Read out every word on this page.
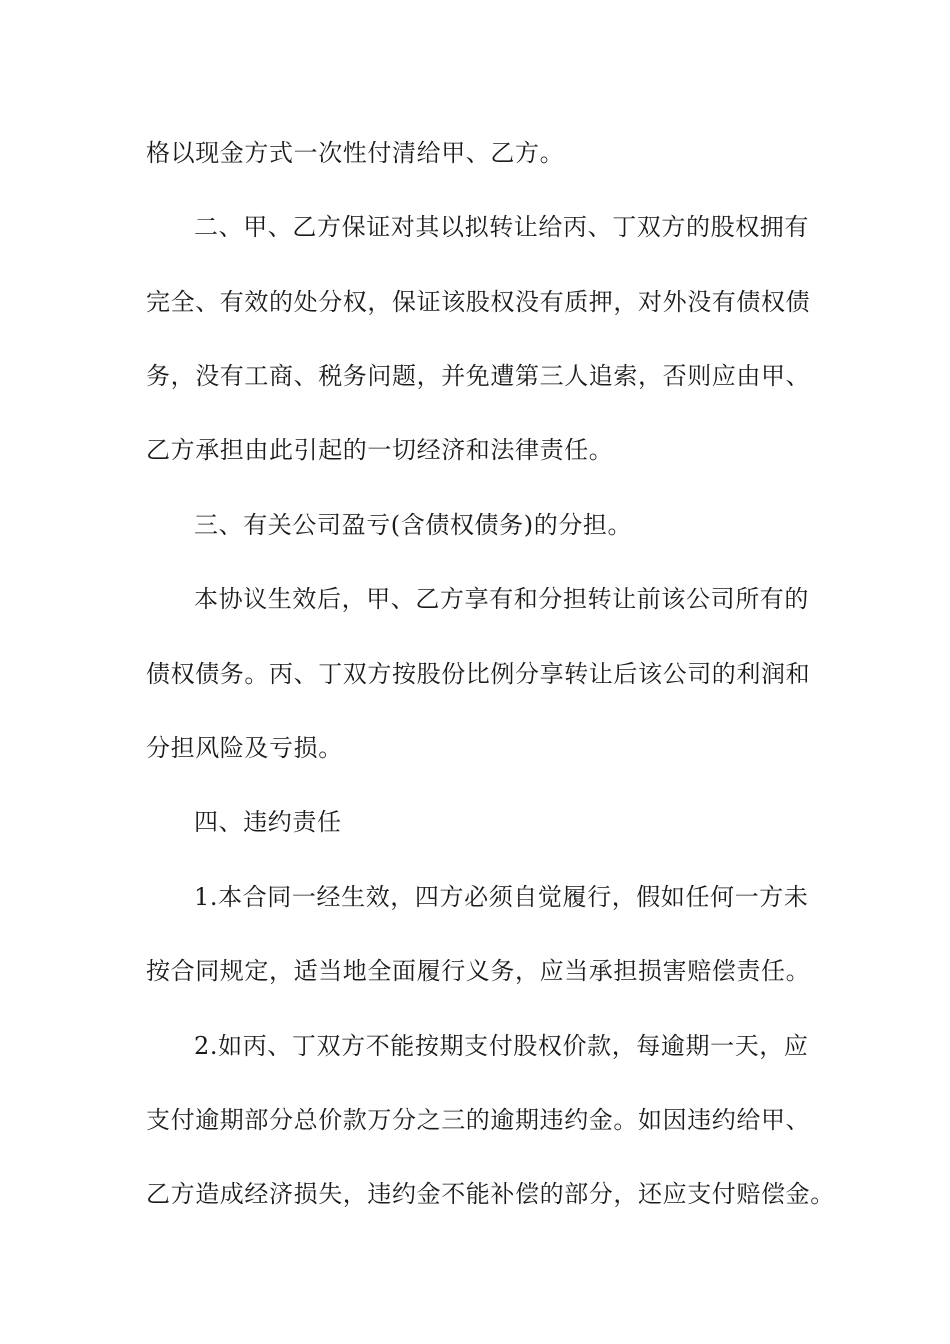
格以现金方式一次性付清给甲、乙方。
二、甲、乙方保证对其以拟转让给丙、丁双方的股权拥有
完全、有效的处分权，保证该股权没有质押，对外没有债权债
务，没有工商、税务问题，并免遭第三人追索，否则应由甲、
乙方承担由此引起的一切经济和法律责任。
三、有关公司盈亏(含债权债务)的分担。
本协议生效后，甲、乙方享有和分担转让前该公司所有的
债权债务。丙、丁双方按股份比例分享转让后该公司的利润和
分担风险及亏损。
四、违约责任
1.本合同一经生效，四方必须自觉履行，假如任何一方未
按合同规定，适当地全面履行义务，应当承担损害赔偿责任。
2.如丙、丁双方不能按期支付股权价款，每逾期一天，应
支付逾期部分总价款万分之三的逾期违约金。如因违约给甲、
乙方造成经济损失，违约金不能补偿的部分，还应支付赔偿金。
